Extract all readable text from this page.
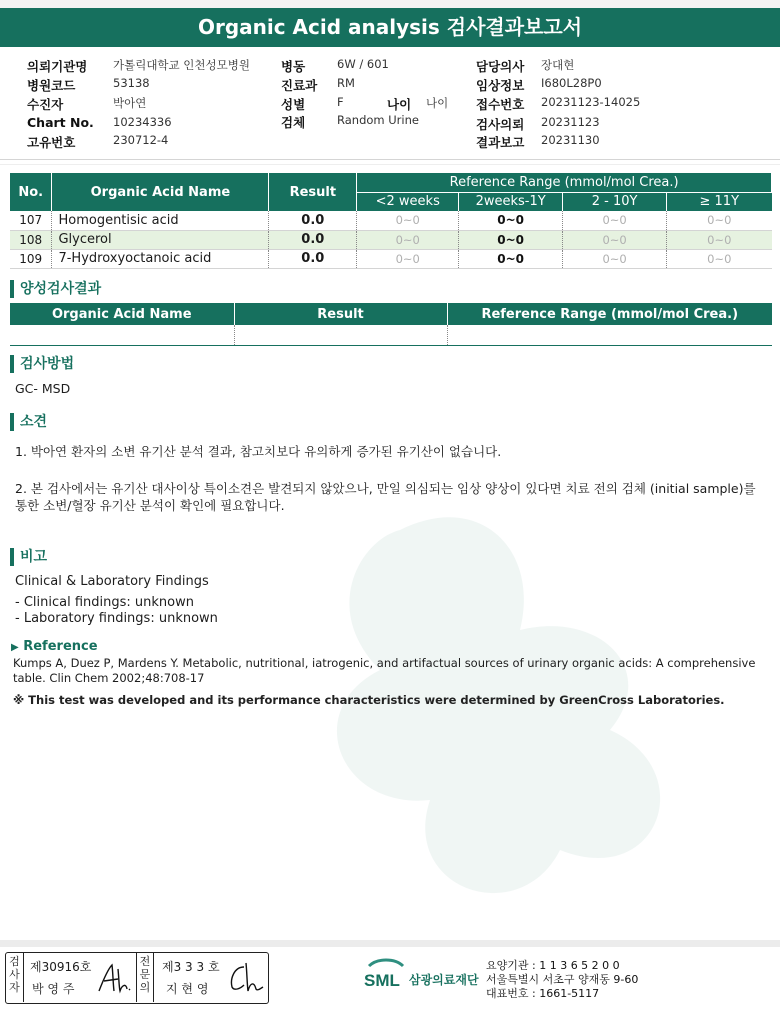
Organic Acid analysis 검사결과보고서
의뢰기관명 가톨릭대학교 인천성모병원
병원코드	53138
수진자	박아연
Chart No. 10234336
고유번호	230712-4
병동	6W / 601
진료과 RM
성별	F	나이 나이
검체	Random Urine
담당의사 장대현
임상정보 I680L28P0
접수번호 20231123-14025
검사의뢰 20231123
결과보고 20231130
No.	Organic Acid Name	Result	Reference Range (mmol/mol Crea.)			
			<2 weeks	2weeks-1Y	2 - 10Y	≥ 11Y
107	Homogentisic acid	0.0	0~0	0~0	0~0	0~0
108	Glycerol	0.0	0~0	0~0	0~0	0~0
109	7-Hydroxyoctanoic acid	0.0	0~0	0~0	0~0	0~0
양성검사결과
Organic Acid Name	Result	Reference Range (mmol/mol Crea.)

검사방법
GC- MSD
소견
1. 박아연 환자의 소변 유기산 분석 결과, 참고치보다 유의하게 증가된 유기산이 없습니다.
2. 본 검사에서는 유기산 대사이상 특이소견은 발견되지 않았으나, 만일 의심되는 임상 양상이 있다면 치료 전의 검체 (initial sample)를
통한 소변/혈장 유기산 분석이 확인에 필요합니다.
비고
Clinical & Laboratory Findings
- Clinical findings: unknown
- Laboratory findings: unknown
▶ Reference
Kumps A, Duez P, Mardens Y. Metabolic, nutritional, iatrogenic, and artifactual sources of urinary organic acids: A comprehensive
table. Clin Chem 2002;48:708-17
※ This test was developed and its performance characteristics were determined by GreenCross Laboratories.
검
사
자
제30916호
박 영 주
전
문
의
제3 3 3 호
지 현 영	SML 삼광의료재단
요양기관 : 1 1 3 6 5 2 0 0
서울특별시 서초구 양재동 9-60
대표번호 : 1661-5117
